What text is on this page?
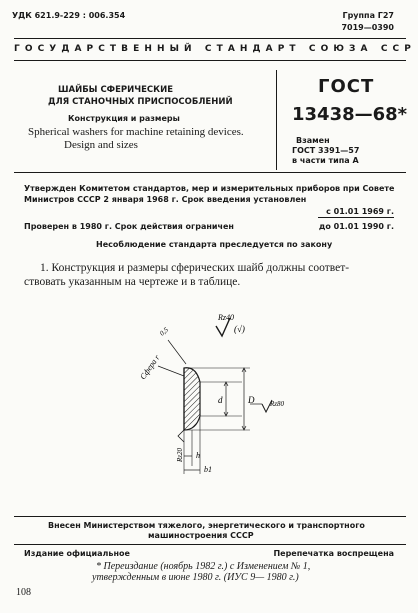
УДК 621.9-229 : 006.354	Группа Г27
7019—0390
ГОСУДАРСТВЕННЫЙ СТАНДАРТ СОЮЗА ССР
ШАЙБЫ СФЕРИЧЕСКИЕ
ДЛЯ СТАНОЧНЫХ ПРИСПОСОБЛЕНИЙ
Конструкция и размеры
Spherical washers for machine retaining devices.
Design and sizes
ГОСТ
13438—68*
Взамен
ГОСТ 3391—57
в части типа А
Утвержден Комитетом стандартов, мер и измерительных приборов при Совете
Министров СССР 2 января 1968 г. Срок введения установлен
с 01.01 1969 г.
Проверен в 1980 г. Срок действия ограничен	до 01.01 1990 г.
Несоблюдение стандарта преследуется по закону
1. Конструкция и размеры сферических шайб должны соответ-
ствовать указанным на чертеже и в таблице.
Rz40
(√)
0,5
Сфера r
d	D Rz80
Rz20 h
b1
Внесен Министерством тяжелого, энергетического и транспортного
машиностроения СССР
Издание официальное	Перепечатка воспрещена
* Переиздание (ноябрь 1982 г.) с Изменением № 1,
утвержденным в июне 1980 г. (ИУС 9— 1980 г.)
108
